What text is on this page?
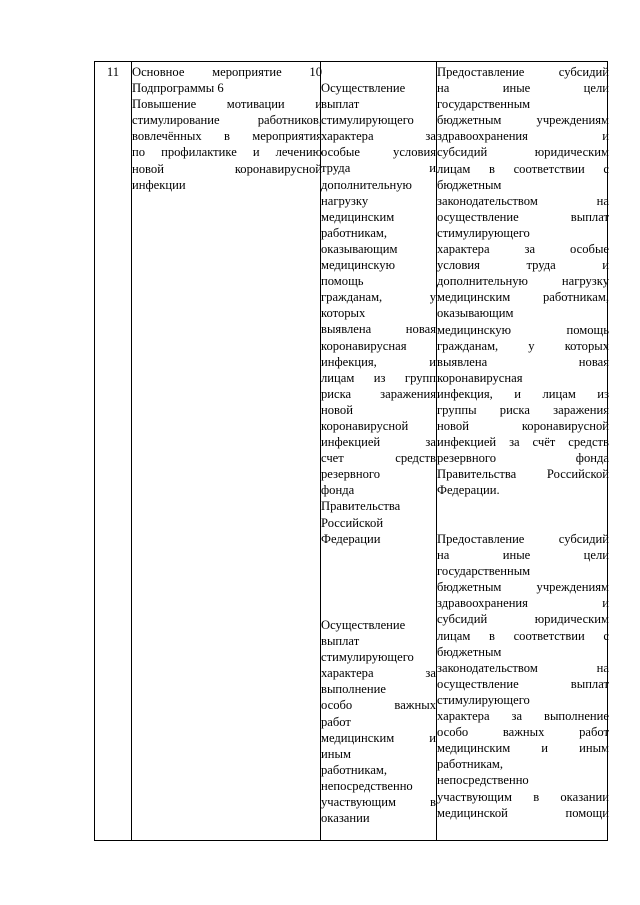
11	Основное мероприятие 10
Подпрограммы 6
Повышение мотивации и
стимулирование работников,
вовлечённых в мероприятия
по профилактике и лечению
новой коронавирусной
инфекции
Осуществление
выплат
стимулирующего
характера за
особые условия
труда и
дополнительную
нагрузку
медицинским
работникам,
оказывающим
медицинскую
помощь
гражданам, у
которых
выявлена новая
коронавирусная
инфекция, и
лицам из групп
риска заражения
новой
коронавирусной
инфекцией за
счет средств
резервного
фонда
Правительства
Российской
Федерации
Осуществление
выплат
стимулирующего
характера за
выполнение
особо важных
работ
медицинским и
иным
работникам,
непосредственно
участвующим в
оказании
Предоставление субсидий
на иные цели
государственным
бюджетным учреждениям
здравоохранения и
субсидий юридическим
лицам в соответствии с
бюджетным
законодательством на
осуществление выплат
стимулирующего
характера за особые
условия труда и
дополнительную нагрузку
медицинским работникам,
оказывающим
медицинскую помощь
гражданам, у которых
выявлена новая
коронавирусная
инфекция, и лицам из
группы риска заражения
новой коронавирусной
инфекцией за счёт средств
резервного фонда
Правительства Российской
Федерации.
Предоставление субсидий
на иные цели
государственным
бюджетным учреждениям
здравоохранения и
субсидий юридическим
лицам в соответствии с
бюджетным
законодательством на
осуществление выплат
стимулирующего
характера за выполнение
особо важных работ
медицинским и иным
работникам,
непосредственно
участвующим в оказании
медицинской помощи
